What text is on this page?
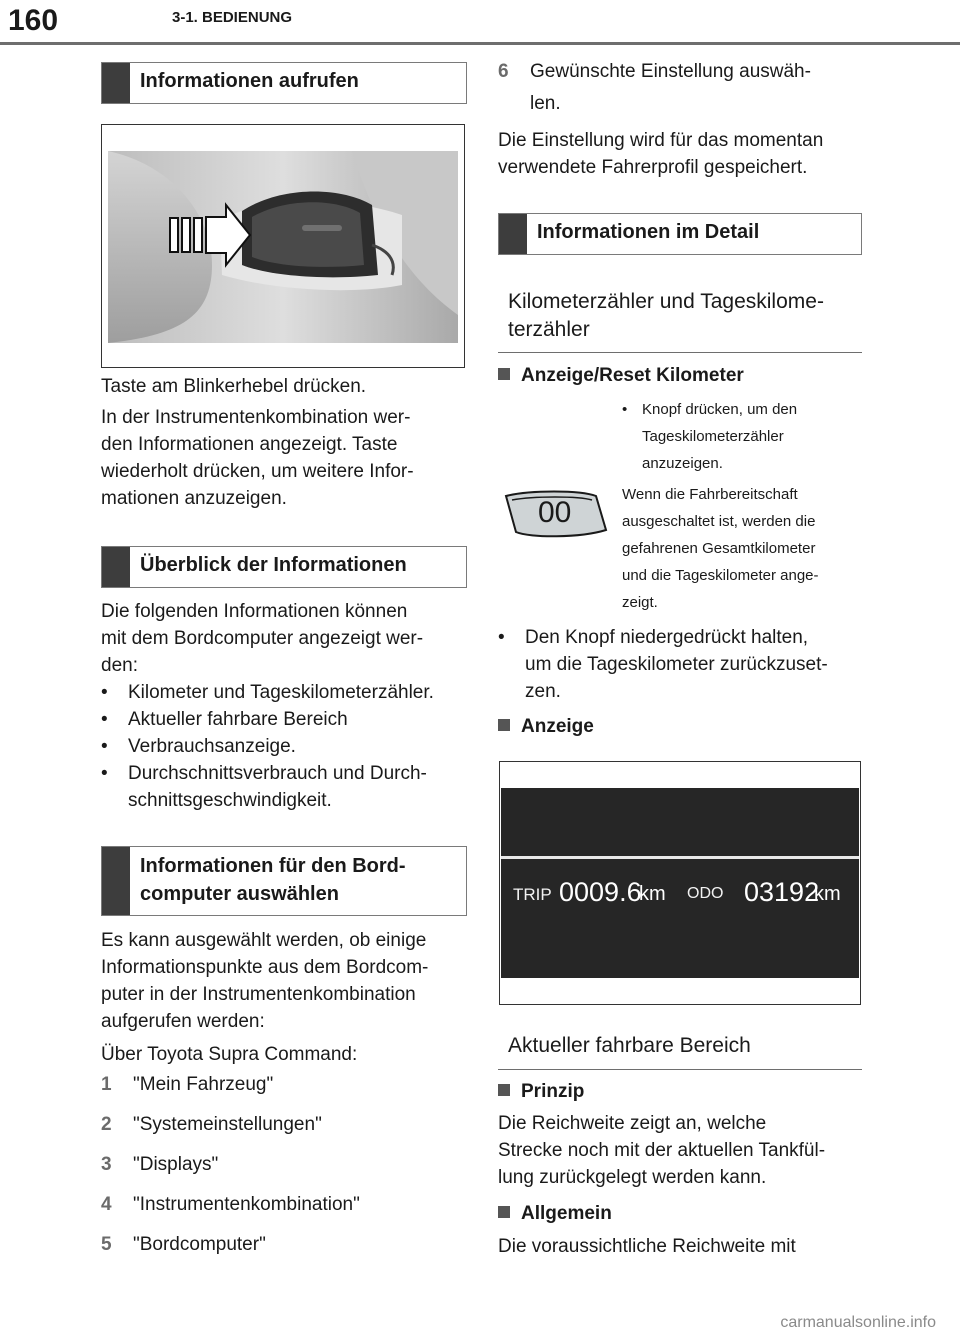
160	3-1. BEDIENUNG
Informationen aufrufen
Taste am Blinkerhebel drücken.
In der Instrumentenkombination wer-
den Informationen angezeigt. Taste
wiederholt drücken, um weitere Infor-
mationen anzuzeigen.
Überblick der Informationen
Die folgenden Informationen können
mit dem Bordcomputer angezeigt wer-
den:
• Kilometer und Tageskilometerzähler.
• Aktueller fahrbare Bereich
• Verbrauchsanzeige.
• Durchschnittsverbrauch und Durch-
schnittsgeschwindigkeit.
Informationen für den Bord-
computer auswählen
Es kann ausgewählt werden, ob einige
Informationspunkte aus dem Bordcom-
puter in der Instrumentenkombination
aufgerufen werden:
Über Toyota Supra Command:
1 "Mein Fahrzeug"
2 "Systemeinstellungen"
3 "Displays"
4 "Instrumentenkombination"
5 "Bordcomputer"
6 Gewünschte Einstellung auswäh-
len.
Die Einstellung wird für das momentan
verwendete Fahrerprofil gespeichert.
Informationen im Detail
Kilometerzähler und Tageskilome-
terzähler
Anzeige/Reset Kilometer
• Knopf drücken, um den
Tageskilometerzähler
anzuzeigen.
00
Wenn die Fahrbereitschaft
ausgeschaltet ist, werden die
gefahrenen Gesamtkilometer
und die Tageskilometer ange-
zeigt.
• Den Knopf niedergedrückt halten,
um die Tageskilometer zurückzuset-
zen.
Anzeige
TRIP 0009.6
km ODO 03192
km
Aktueller fahrbare Bereich
Prinzip
Die Reichweite zeigt an, welche
Strecke noch mit der aktuellen Tankfül-
lung zurückgelegt werden kann.
Allgemein
Die voraussichtliche Reichweite mit
carmanualsonline.info
